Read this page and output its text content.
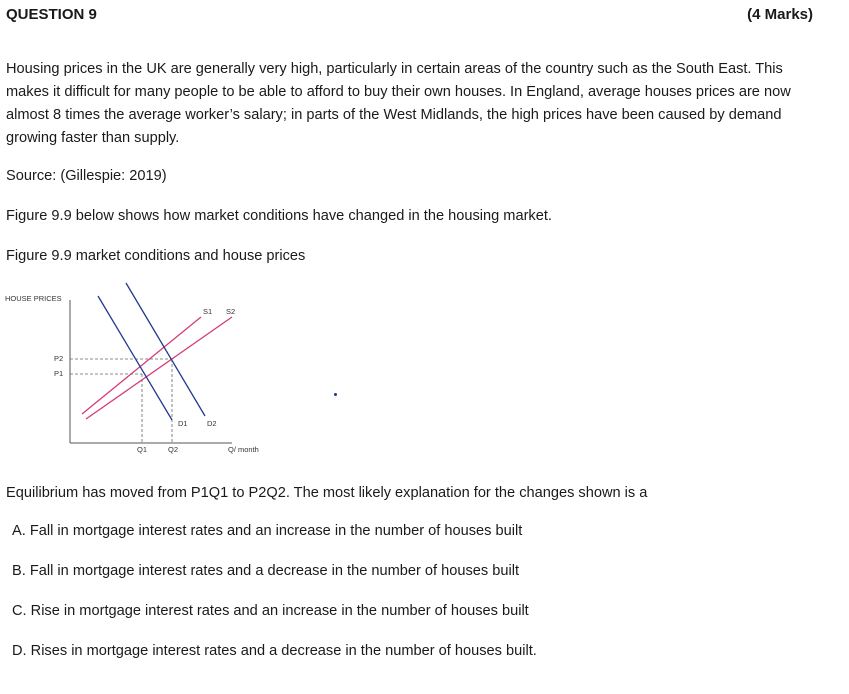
QUESTION 9	(4 Marks)
Housing prices in the UK are generally very high, particularly in certain areas of the country such as the South East. This makes it difficult for many people to be able to afford to buy their own houses. In England, average houses prices are now almost 8 times the average worker’s salary; in parts of the West Midlands, the high prices have been caused by demand growing faster than supply.
Source: (Gillespie: 2019)
Figure 9.9 below shows how market conditions have changed in the housing market.
Figure 9.9 market conditions and house prices
HOUSE PRICES
P2
P1
Q1	Q2
S1 S2
D1	D2
Q/ month
Equilibrium has moved from P1Q1 to P2Q2. The most likely explanation for the changes shown is a
A. Fall in mortgage interest rates and an increase in the number of houses built
B. Fall in mortgage interest rates and a decrease in the number of houses built
C. Rise in mortgage interest rates and an increase in the number of houses built
D. Rises in mortgage interest rates and a decrease in the number of houses built.
